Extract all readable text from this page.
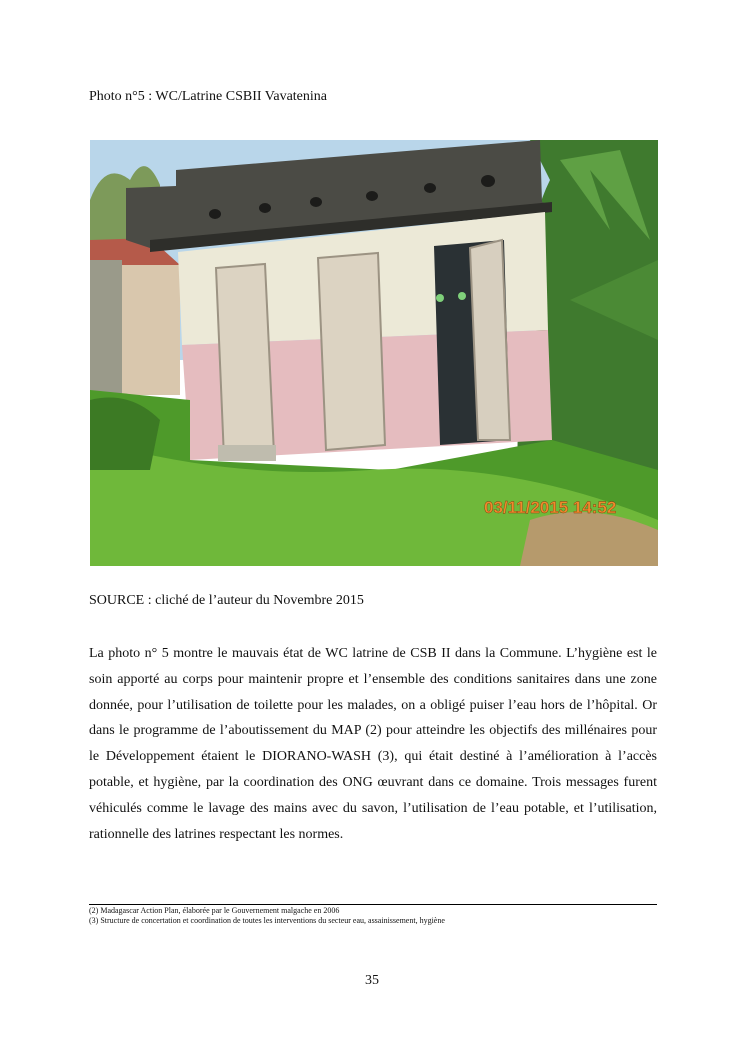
Photo n°5 : WC/Latrine CSBII Vavatenina
03/11/2015 14:52
SOURCE : cliché de l’auteur du Novembre 2015

La photo n° 5 montre le mauvais état de WC latrine de CSB II dans la Commune. L’hygiène est le soin apporté au corps pour maintenir propre et l’ensemble des conditions sanitaires dans une zone donnée, pour l’utilisation de toilette pour les malades, on a obligé puiser l’eau hors de l’hôpital. Or dans le programme de l’aboutissement du MAP (2) pour atteindre les objectifs des millénaires pour le Développement étaient le DIORANO-WASH (3), qui était destiné à l’amélioration à l’accès potable, et hygiène, par la coordination des ONG œuvrant dans ce domaine. Trois messages furent véhiculés comme le lavage des mains avec du savon, l’utilisation de l’eau potable, et l’utilisation, rationnelle des latrines respectant les normes.

(2) Madagascar Action Plan, élaborée par le Gouvernement malgache en 2006
(3) Structure de concertation et coordination de toutes les interventions du secteur eau, assainissement, hygiène
35
